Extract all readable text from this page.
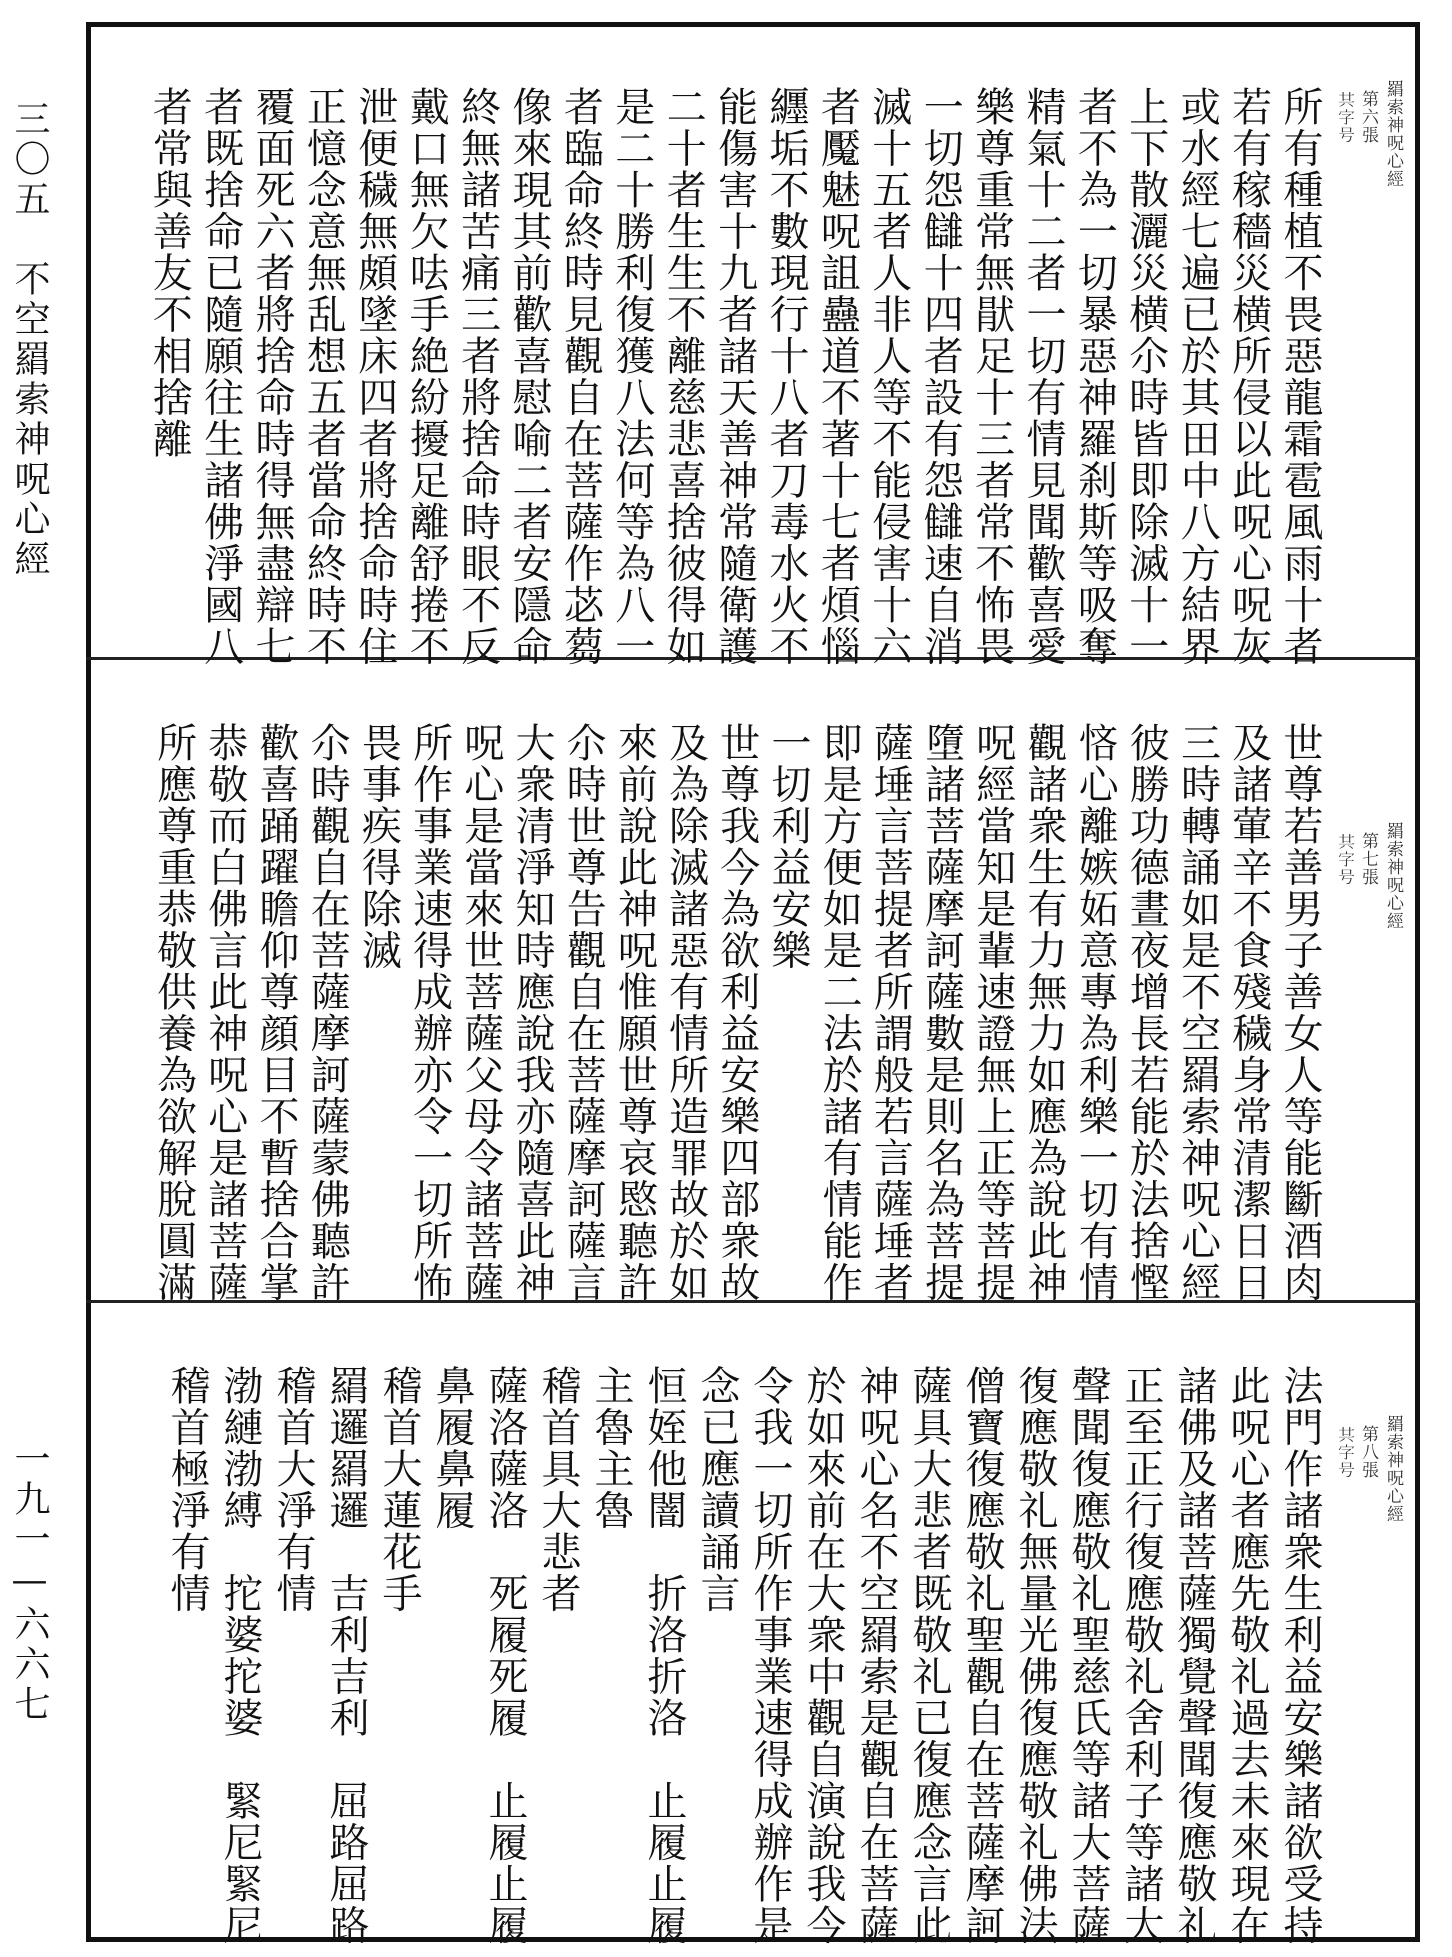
三〇五　不空羂索神呪心經
一九一—六六七
羂索神呪心經
第六張
𠔏字号
所有種植不畏惡龍霜雹風雨十者
若有稼穡災横所侵以此呪心呪灰
或水經七遍已於其田中八方結界
上下散灑災横尒時皆即除滅十一
者不為一切暴惡神羅刹斯等吸奪
精氣十二者一切有情見聞歡喜愛
樂尊重常無猒足十三者常不怖畏
一切怨讎十四者設有怨讎速自消
滅十五者人非人等不能侵害十六
者魘魅呪詛蠱道不著十七者煩惱
纒垢不數現行十八者刀毒水火不
能傷害十九者諸天善神常隨衛護
二十者生生不離慈悲喜捨彼得如
是二十勝利復獲八法何等為八一
者臨命終時見觀自在菩薩作苾蒭
像來現其前歡喜慰喻二者安隱命
終無諸苦痛三者將捨命時眼不反
戴口無欠呿手絶紛擾足離舒捲不
泄便穢無頗墜床四者將捨命時住
正憶念意無乱想五者當命終時不
覆面死六者將捨命時得無盡辯七
者既捨命已隨願往生諸佛淨國八
者常與善友不相捨離
羂索神呪心經
第七張
𠔏字号
世尊若善男子善女人等能斷酒肉
及諸葷辛不食殘穢身常清潔日日
三時轉誦如是不空羂索神呪心經
彼勝功德晝夜增長若能於法捨慳
悋心離嫉妬意專為利樂一切有情
觀諸衆生有力無力如應為說此神
呪經當知是輩速證無上正等菩提
墮諸菩薩摩訶薩數是則名為菩提
薩埵言菩提者所謂般若言薩埵者
即是方便如是二法於諸有情能作
一切利益安樂
世尊我今為欲利益安樂四部衆故
及為除滅諸惡有情所造罪故於如
來前說此神呪惟願世尊哀愍聽許
尒時世尊告觀自在菩薩摩訶薩言
大衆清淨知時應說我亦隨喜此神
呪心是當來世菩薩父母令諸菩薩
所作事業速得成辦亦令一切所怖
畏事疾得除滅
尒時觀自在菩薩摩訶薩蒙佛聽許
歡喜踊躍瞻仰尊顔目不暫捨合掌
恭敬而白佛言此神呪心是諸菩薩
所應尊重恭敬供養為欲解脫圓滿
羂索神呪心經
第八張
𠔏字号
法門作諸衆生利益安樂諸欲受持
此呪心者應先敬礼過去未來現在
諸佛及諸菩薩獨覺聲聞復應敬礼
正至正行復應敬礼舍利子等諸大
聲聞復應敬礼聖慈氏等諸大菩薩
復應敬礼無量光佛復應敬礼佛法
僧寶復應敬礼聖觀自在菩薩摩訶
薩具大悲者既敬礼已復應念言此
神呪心名不空羂索是觀自在菩薩
於如來前在大衆中觀自演說我今
令我一切所作事業速得成辦作是
念已應讀誦言
恒姪他闇　折洛折洛　止履止履
主魯主魯
稽首具大悲者
薩洛薩洛　死履死履　止履止履
鼻履鼻履
稽首大蓮花手
羂邏羂邏　吉利吉利　屈路屈路
稽首大淨有情
渤縺渤縛　拕婆拕婆　緊尼緊尼
稽首極淨有情
